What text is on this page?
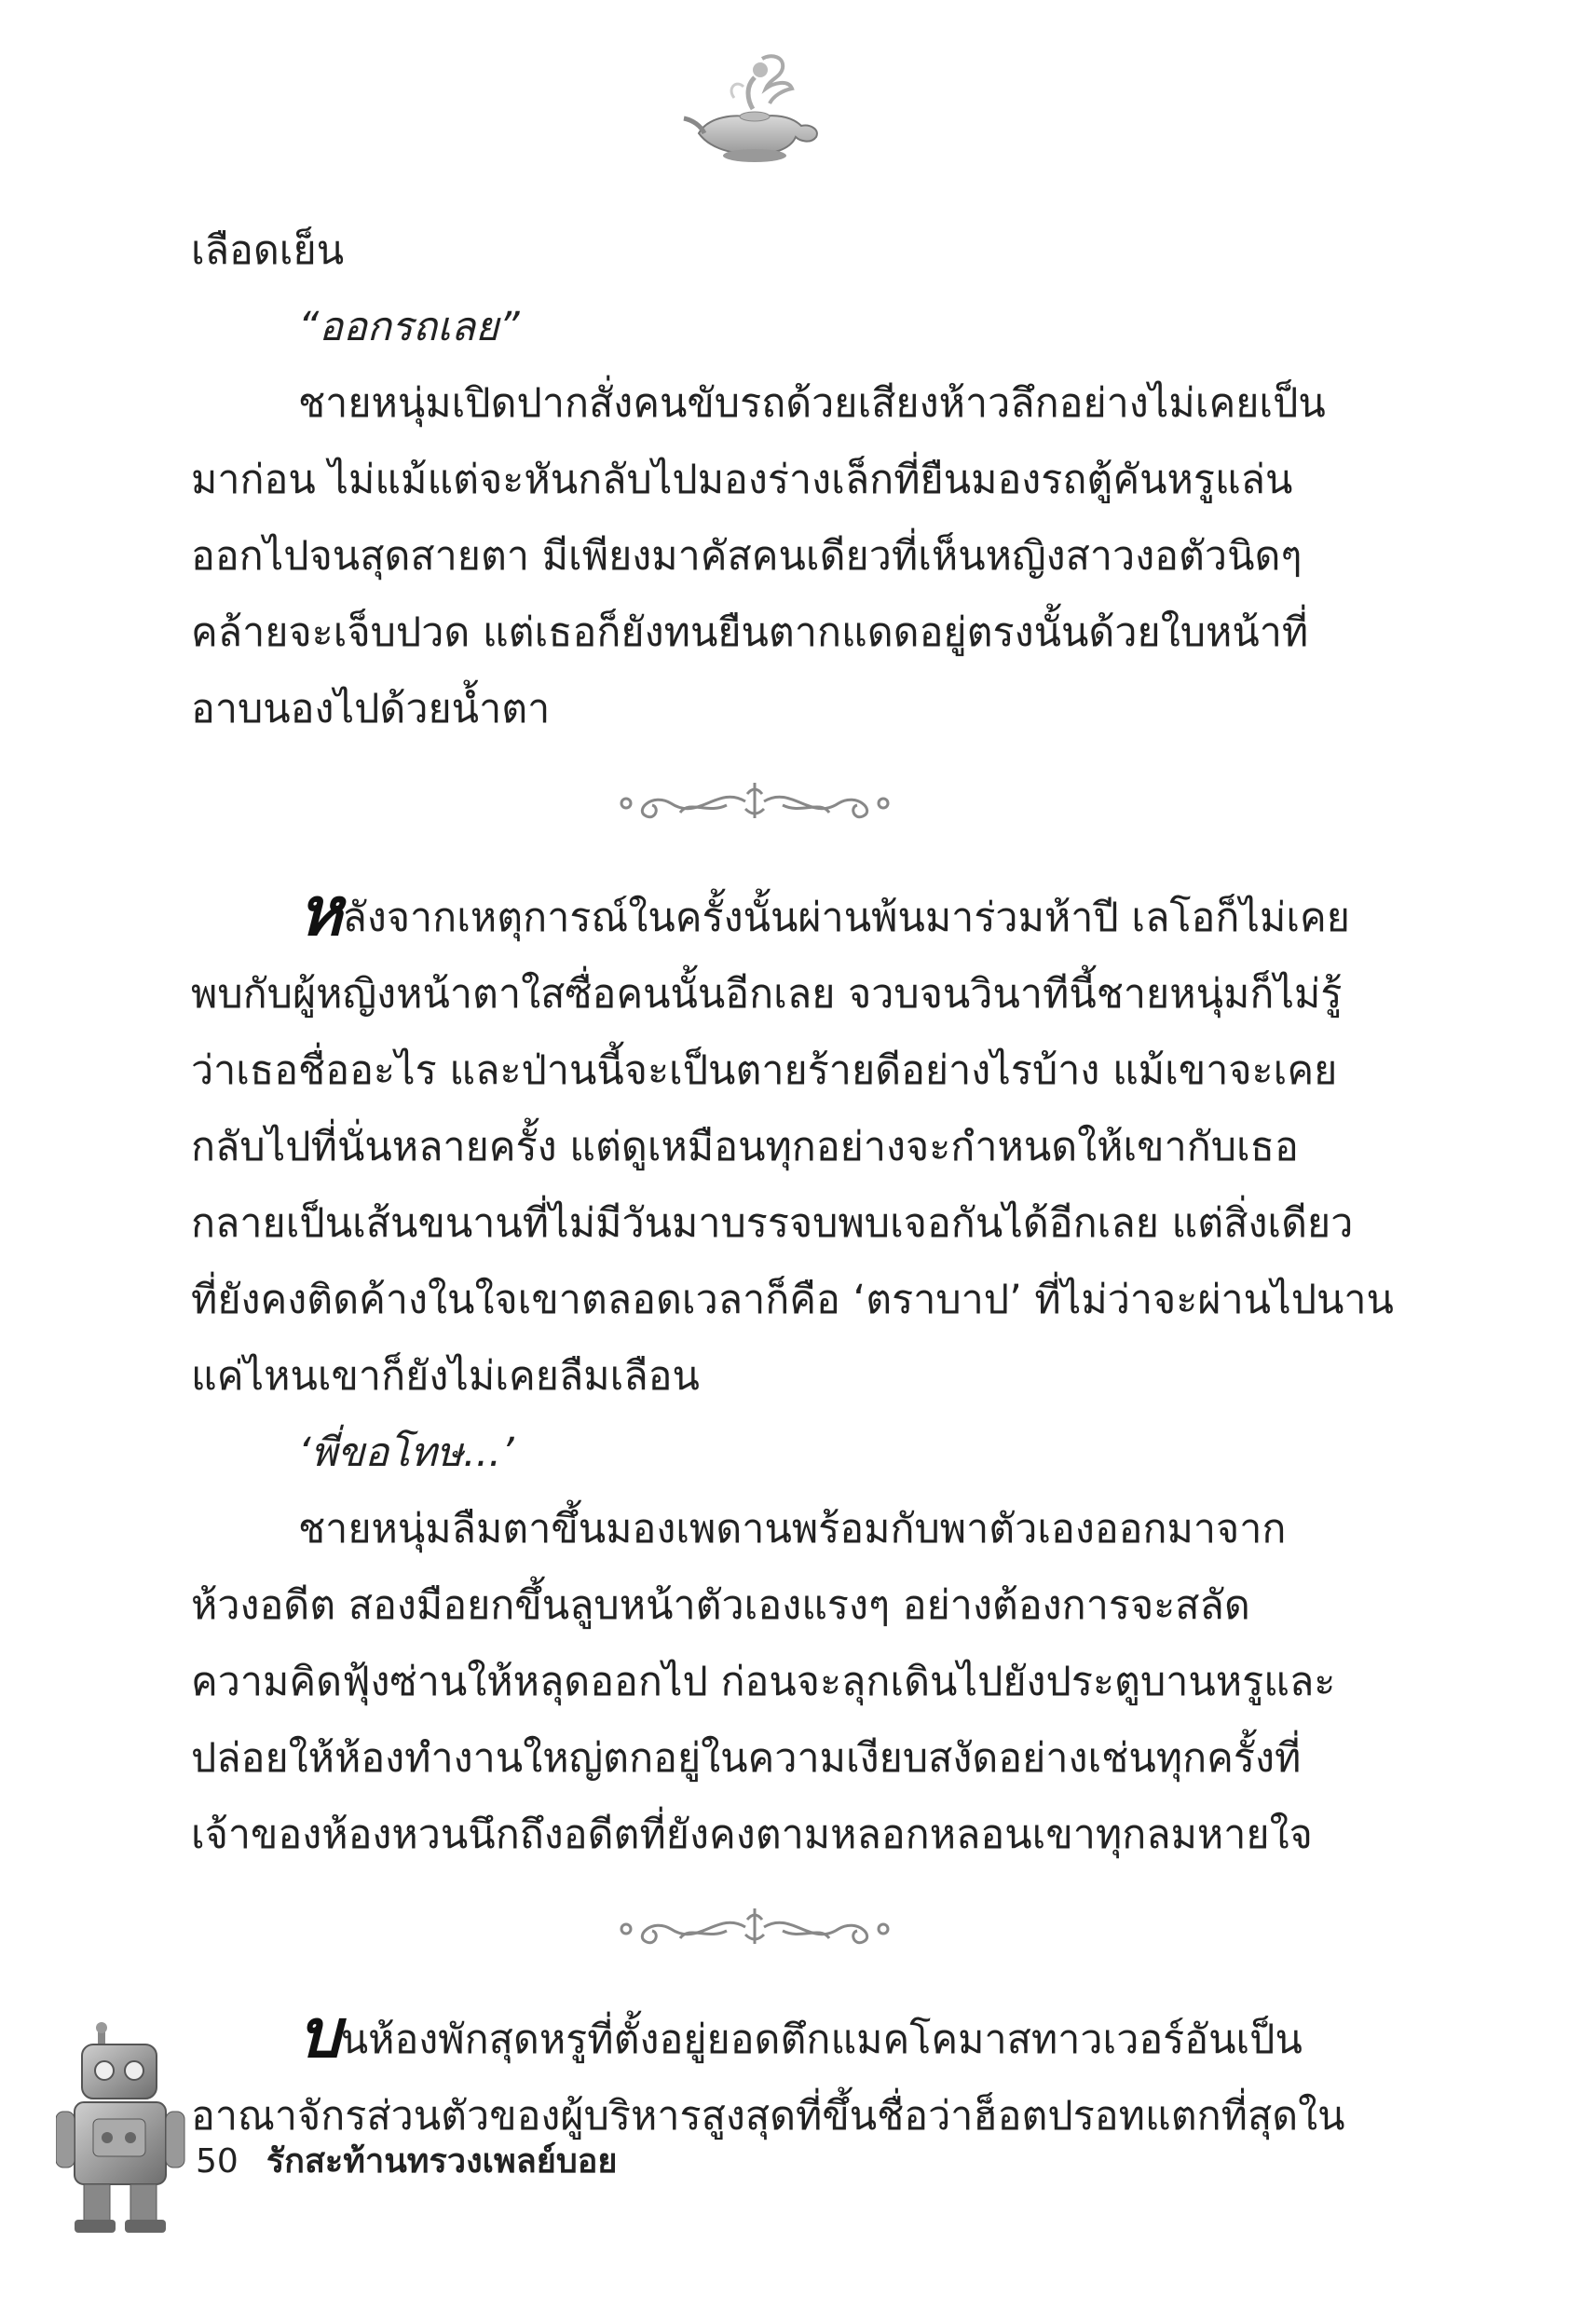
เลือดเย็น
“ออกรถเลย”
ชายหนุ่มเปิดปากสั่งคนขับรถด้วยเสียงห้าวลึกอย่างไม่เคยเป็น
มาก่อน ไม่แม้แต่จะหันกลับไปมองร่างเล็กที่ยืนมองรถตู้คันหรูแล่น
ออกไปจนสุดสายตา มีเพียงมาคัสคนเดียวที่เห็นหญิงสาวงอตัวนิดๆ
คล้ายจะเจ็บปวด แต่เธอก็ยังทนยืนตากแดดอยู่ตรงนั้นด้วยใบหน้าที่
อาบนองไปด้วยน้ำตา
หลังจากเหตุการณ์ในครั้งนั้นผ่านพ้นมาร่วมห้าปี เลโอก็ไม่เคย
พบกับผู้หญิงหน้าตาใสซื่อคนนั้นอีกเลย จวบจนวินาทีนี้ชายหนุ่มก็ไม่รู้
ว่าเธอชื่ออะไร และป่านนี้จะเป็นตายร้ายดีอย่างไรบ้าง แม้เขาจะเคย
กลับไปที่นั่นหลายครั้ง แต่ดูเหมือนทุกอย่างจะกำหนดให้เขากับเธอ
กลายเป็นเส้นขนานที่ไม่มีวันมาบรรจบพบเจอกันได้อีกเลย แต่สิ่งเดียว
ที่ยังคงติดค้างในใจเขาตลอดเวลาก็คือ ‘ตราบาป’ ที่ไม่ว่าจะผ่านไปนาน
แค่ไหนเขาก็ยังไม่เคยลืมเลือน
‘พี่ขอโทษ...’
ชายหนุ่มลืมตาขึ้นมองเพดานพร้อมกับพาตัวเองออกมาจาก
ห้วงอดีต สองมือยกขึ้นลูบหน้าตัวเองแรงๆ อย่างต้องการจะสลัด
ความคิดฟุ้งซ่านให้หลุดออกไป ก่อนจะลุกเดินไปยังประตูบานหรูและ
ปล่อยให้ห้องทำงานใหญ่ตกอยู่ในความเงียบสงัดอย่างเช่นทุกครั้งที่
เจ้าของห้องหวนนึกถึงอดีตที่ยังคงตามหลอกหลอนเขาทุกลมหายใจ
บนห้องพักสุดหรูที่ตั้งอยู่ยอดตึกแมคโคมาสทาวเวอร์อันเป็น
อาณาจักรส่วนตัวของผู้บริหารสูงสุดที่ขึ้นชื่อว่าฮ็อตปรอทแตกที่สุดใน
50 รักสะท้านทรวงเพลย์บอย
